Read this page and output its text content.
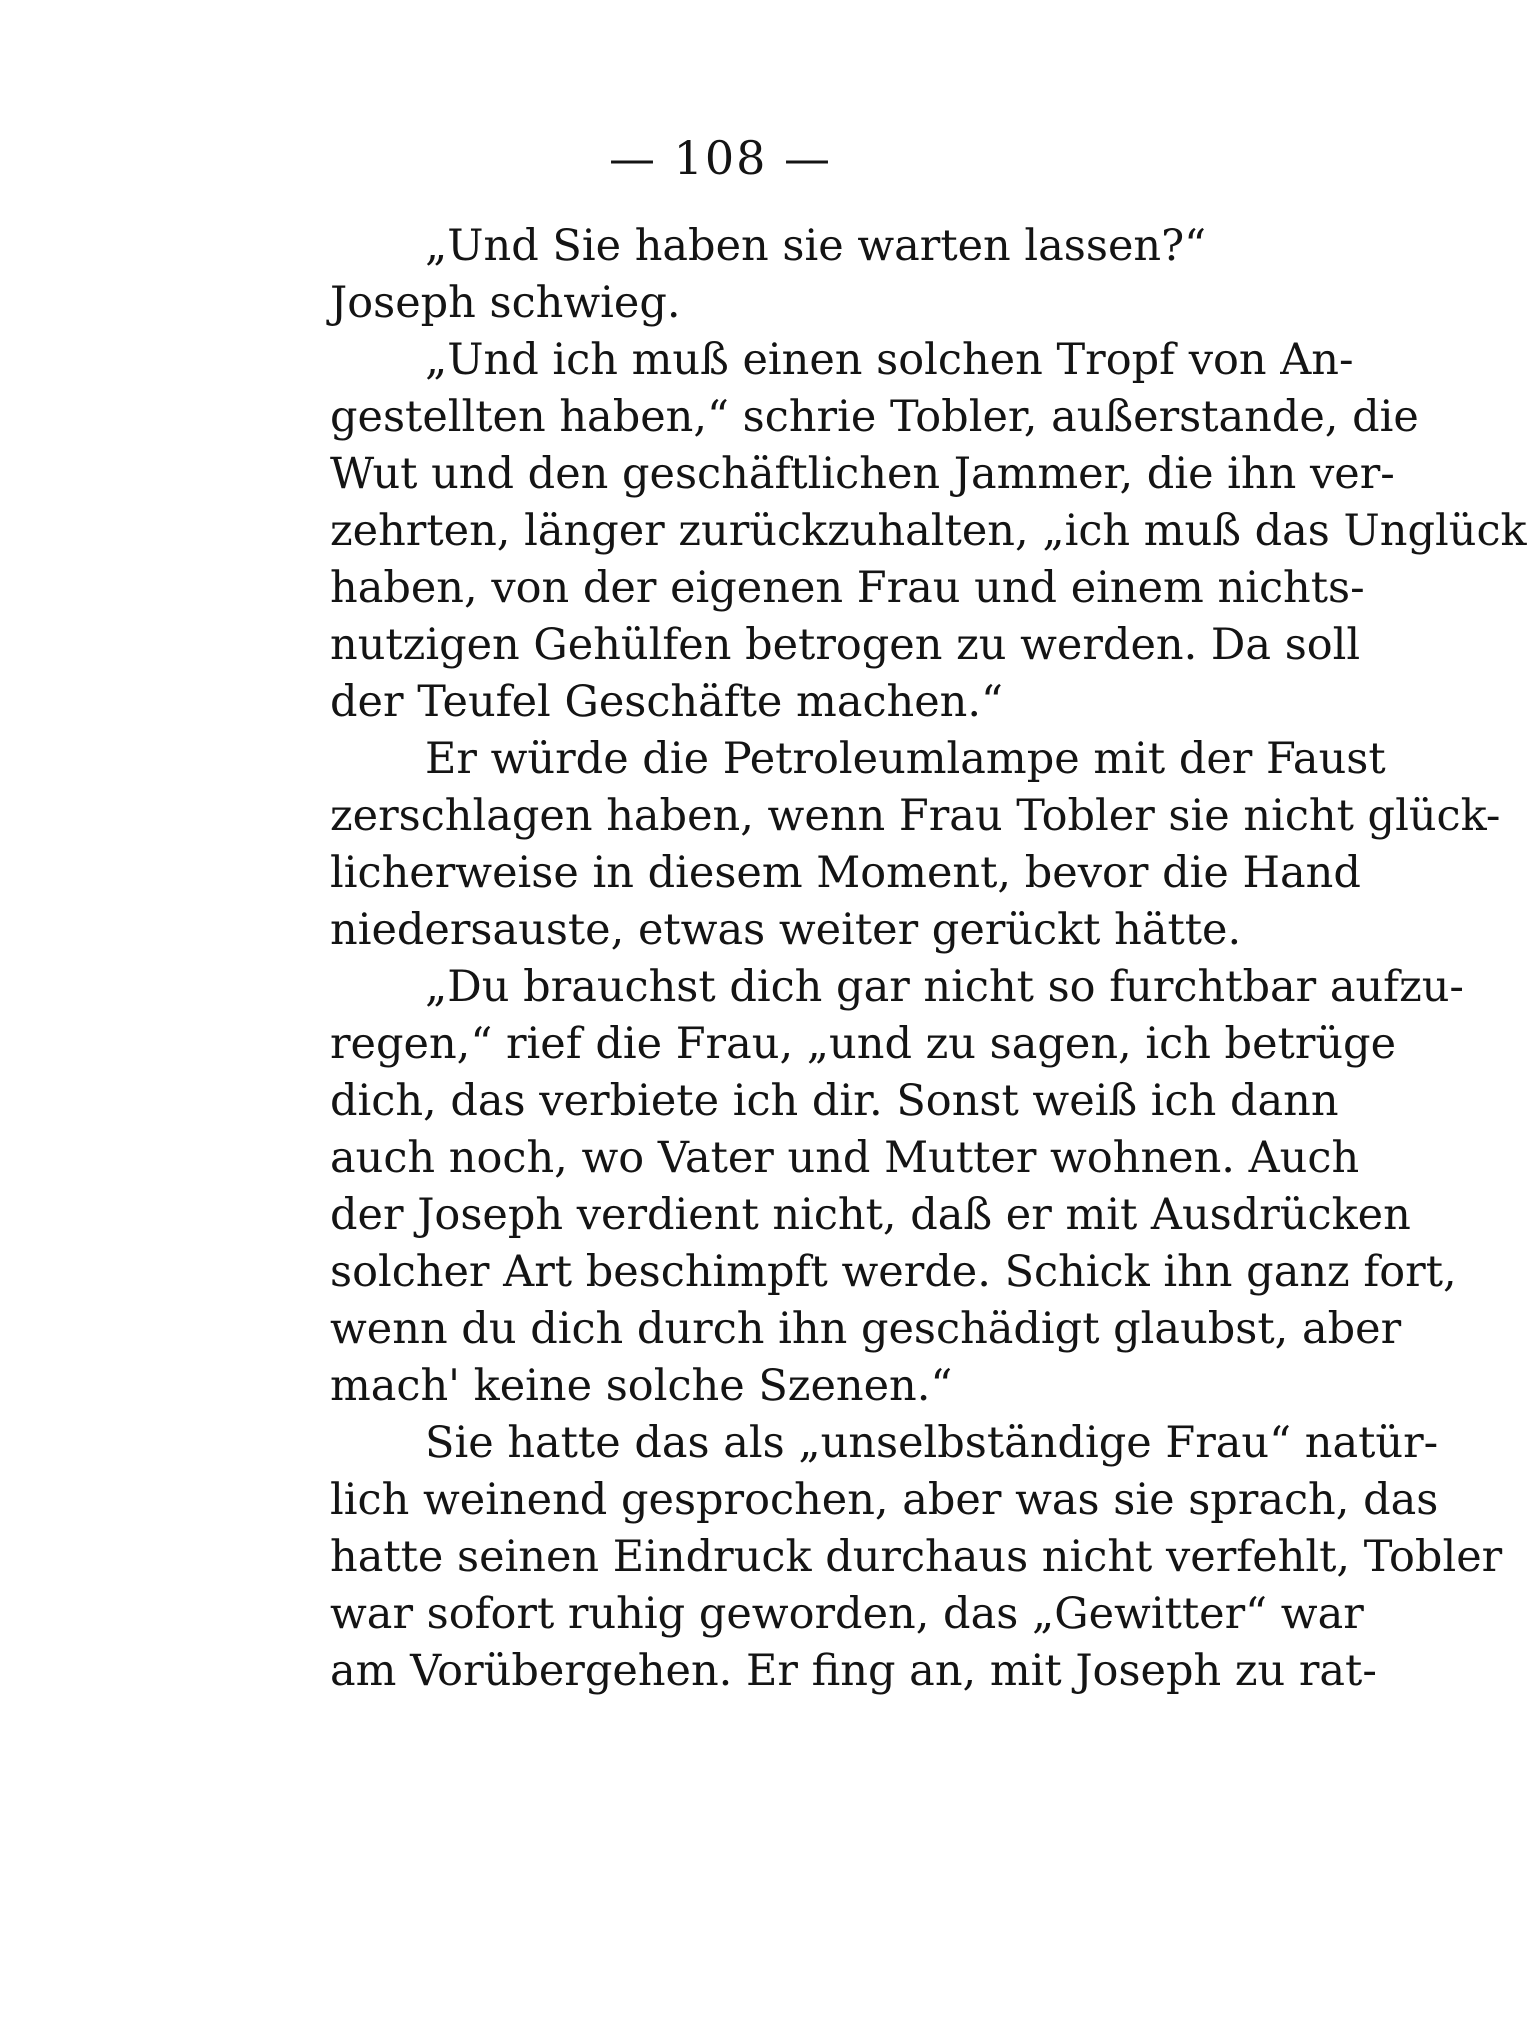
— 108 —
„Und Sie haben sie warten lassen?“
Joseph schwieg.
„Und ich muß einen solchen Tropf von An-
gestellten haben,“ schrie Tobler, außerstande, die
Wut und den geschäftlichen Jammer, die ihn ver-
zehrten, länger zurückzuhalten, „ich muß das Unglück
haben, von der eigenen Frau und einem nichts-
nutzigen Gehülfen betrogen zu werden. Da soll
der Teufel Geschäfte machen.“
Er würde die Petroleumlampe mit der Faust
zerschlagen haben, wenn Frau Tobler sie nicht glück-
licherweise in diesem Moment, bevor die Hand
niedersauste, etwas weiter gerückt hätte.
„Du brauchst dich gar nicht so furchtbar aufzu-
regen,“ rief die Frau, „und zu sagen, ich betrüge
dich, das verbiete ich dir. Sonst weiß ich dann
auch noch, wo Vater und Mutter wohnen. Auch
der Joseph verdient nicht, daß er mit Ausdrücken
solcher Art beschimpft werde. Schick ihn ganz fort,
wenn du dich durch ihn geschädigt glaubst, aber
mach' keine solche Szenen.“
Sie hatte das als „unselbständige Frau“ natür-
lich weinend gesprochen, aber was sie sprach, das
hatte seinen Eindruck durchaus nicht verfehlt, Tobler
war sofort ruhig geworden, das „Gewitter“ war
am Vorübergehen. Er fing an, mit Joseph zu rat-
